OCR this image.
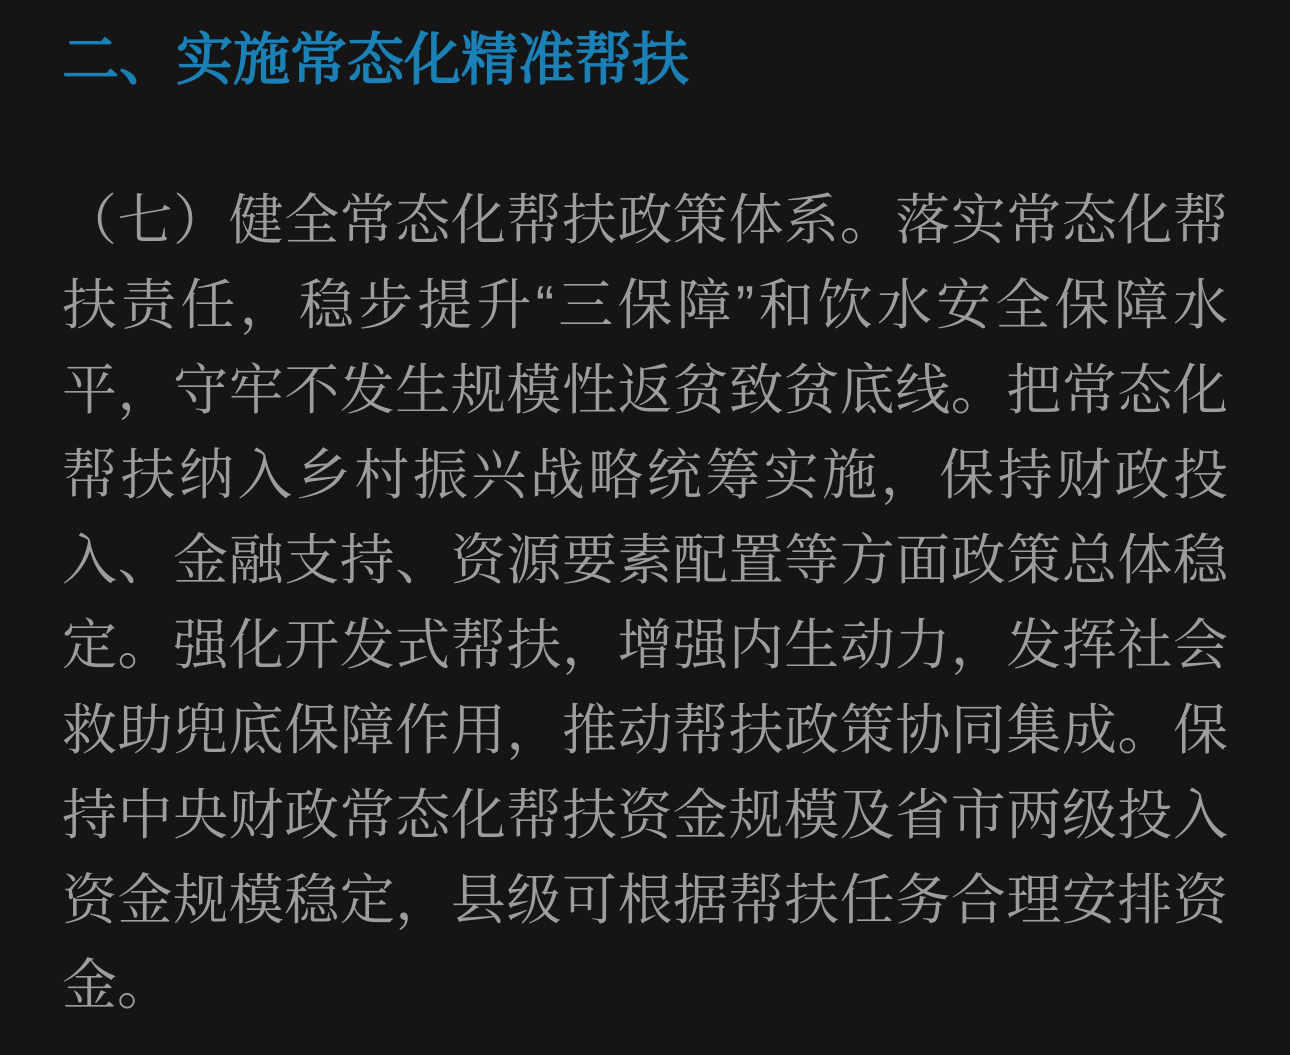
二、实施常态化精准帮扶

（七）健全常态化帮扶政策体系。落实常态化帮扶责任，稳步提升“三保障”和饮水安全保障水平，守牢不发生规模性返贫致贫底线。把常态化帮扶纳入乡村振兴战略统筹实施，保持财政投入、金融支持、资源要素配置等方面政策总体稳定。强化开发式帮扶，增强内生动力，发挥社会救助兜底保障作用，推动帮扶政策协同集成。保持中央财政常态化帮扶资金规模及省市两级投入资金规模稳定，县级可根据帮扶任务合理安排资金。
